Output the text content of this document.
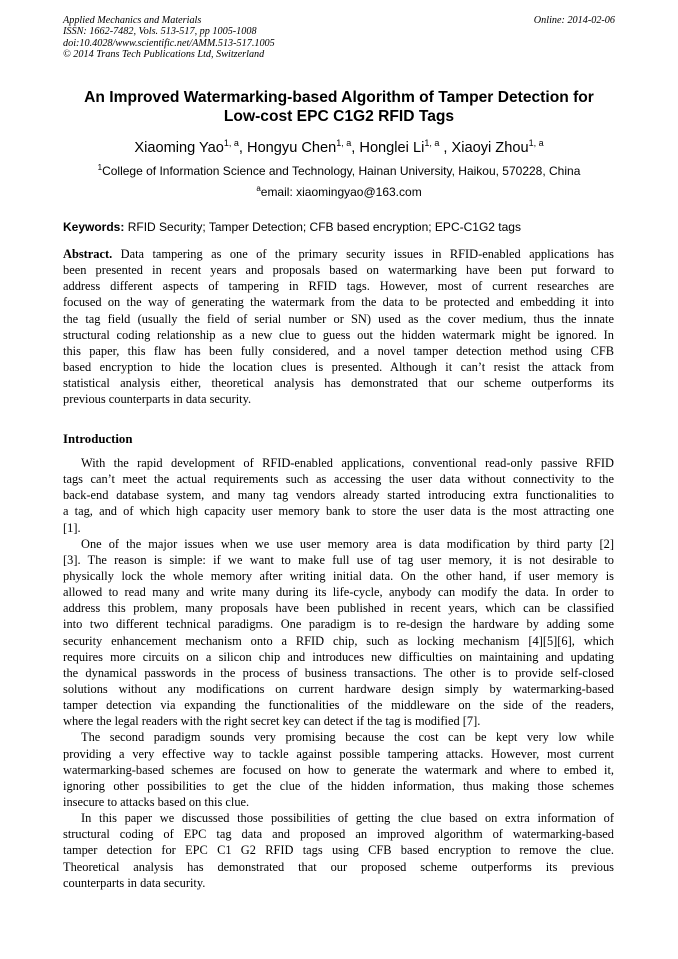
Applied Mechanics and Materials
ISSN: 1662-7482, Vols. 513-517, pp 1005-1008
doi:10.4028/www.scientific.net/AMM.513-517.1005
© 2014 Trans Tech Publications Ltd, Switzerland
Online: 2014-02-06
An Improved Watermarking-based Algorithm of Tamper Detection for
Low-cost EPC C1G2 RFID Tags
Xiaoming Yao$^{1, a}$, Hongyu Chen$^{1, a}$, Honglei Li$^{1, a}$ , Xiaoyi Zhou$^{1, a}$
$^1$College of Information Science and Technology, Hainan University, Haikou, 570228, China
$^a$email: xiaomingyao@163.com
Keywords: RFID Security; Tamper Detection; CFB based encryption; EPC-C1G2 tags
Abstract. Data tampering as one of the primary security issues in RFID-enabled applications has
been presented in recent years and proposals based on watermarking have been put forward to
address different aspects of tampering in RFID tags. However, most of current researches are
focused on the way of generating the watermark from the data to be protected and embedding it into
the tag field (usually the field of serial number or SN) used as the cover medium, thus the innate
structural coding relationship as a new clue to guess out the hidden watermark might be ignored. In
this paper, this flaw has been fully considered, and a novel tamper detection method using CFB
based encryption to hide the location clues is presented. Although it can’t resist the attack from
statistical analysis either, theoretical analysis has demonstrated that our scheme outperforms its
previous counterparts in data security.
Introduction
With the rapid development of RFID-enabled applications, conventional read-only passive RFID
tags can’t meet the actual requirements such as accessing the user data without connectivity to the
back-end database system, and many tag vendors already started introducing extra functionalities to
a tag, and of which high capacity user memory bank to store the user data is the most attracting one
[1].
One of the major issues when we use user memory area is data modification by third party [2]
[3]. The reason is simple: if we want to make full use of tag user memory, it is not desirable to
physically lock the whole memory after writing initial data. On the other hand, if user memory is
allowed to read many and write many during its life-cycle, anybody can modify the data. In order to
address this problem, many proposals have been published in recent years, which can be classified
into two different technical paradigms. One paradigm is to re-design the hardware by adding some
security enhancement mechanism onto a RFID chip, such as locking mechanism [4][5][6], which
requires more circuits on a silicon chip and introduces new difficulties on maintaining and updating
the dynamical passwords in the process of business transactions. The other is to provide self-closed
solutions without any modifications on current hardware design simply by watermarking-based
tamper detection via expanding the functionalities of the middleware on the side of the readers,
where the legal readers with the right secret key can detect if the tag is modified [7].
The second paradigm sounds very promising because the cost can be kept very low while
providing a very effective way to tackle against possible tampering attacks. However, most current
watermarking-based schemes are focused on how to generate the watermark and where to embed it,
ignoring other possibilities to get the clue of the hidden information, thus making those schemes
insecure to attacks based on this clue.
In this paper we discussed those possibilities of getting the clue based on extra information of
structural coding of EPC tag data and proposed an improved algorithm of watermarking-based
tamper detection for EPC C1 G2 RFID tags using CFB based encryption to remove the clue.
Theoretical analysis has demonstrated that our proposed scheme outperforms its previous
counterparts in data security.
